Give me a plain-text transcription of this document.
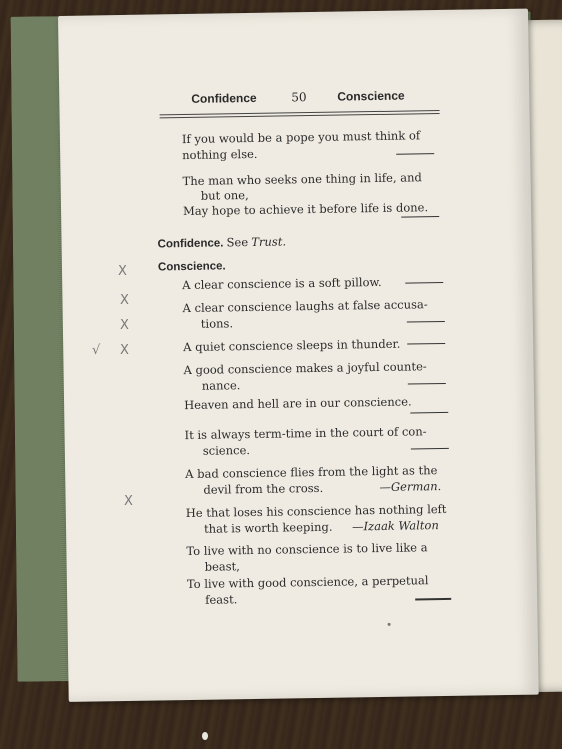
Confidence	50	Conscience
If you would be a pope you must think of
nothing else.
The man who seeks one thing in life, and
but one,
May hope to achieve it before life is done.
Confidence. See Trust.
Conscience.
A clear conscience is a soft pillow.
A clear conscience laughs at false accusa-
tions.
A quiet conscience sleeps in thunder.
A good conscience makes a joyful counte-
nance.
Heaven and hell are in our conscience.
It is always term-time in the court of con-
science.
A bad conscience flies from the light as the
devil from the cross.	—German.
He that loses his conscience has nothing left
that is worth keeping. —Izaak Walton
To live with no conscience is to live like a
beast,
To live with good conscience, a perpetual
feast.
X
X
X
√ X
X
